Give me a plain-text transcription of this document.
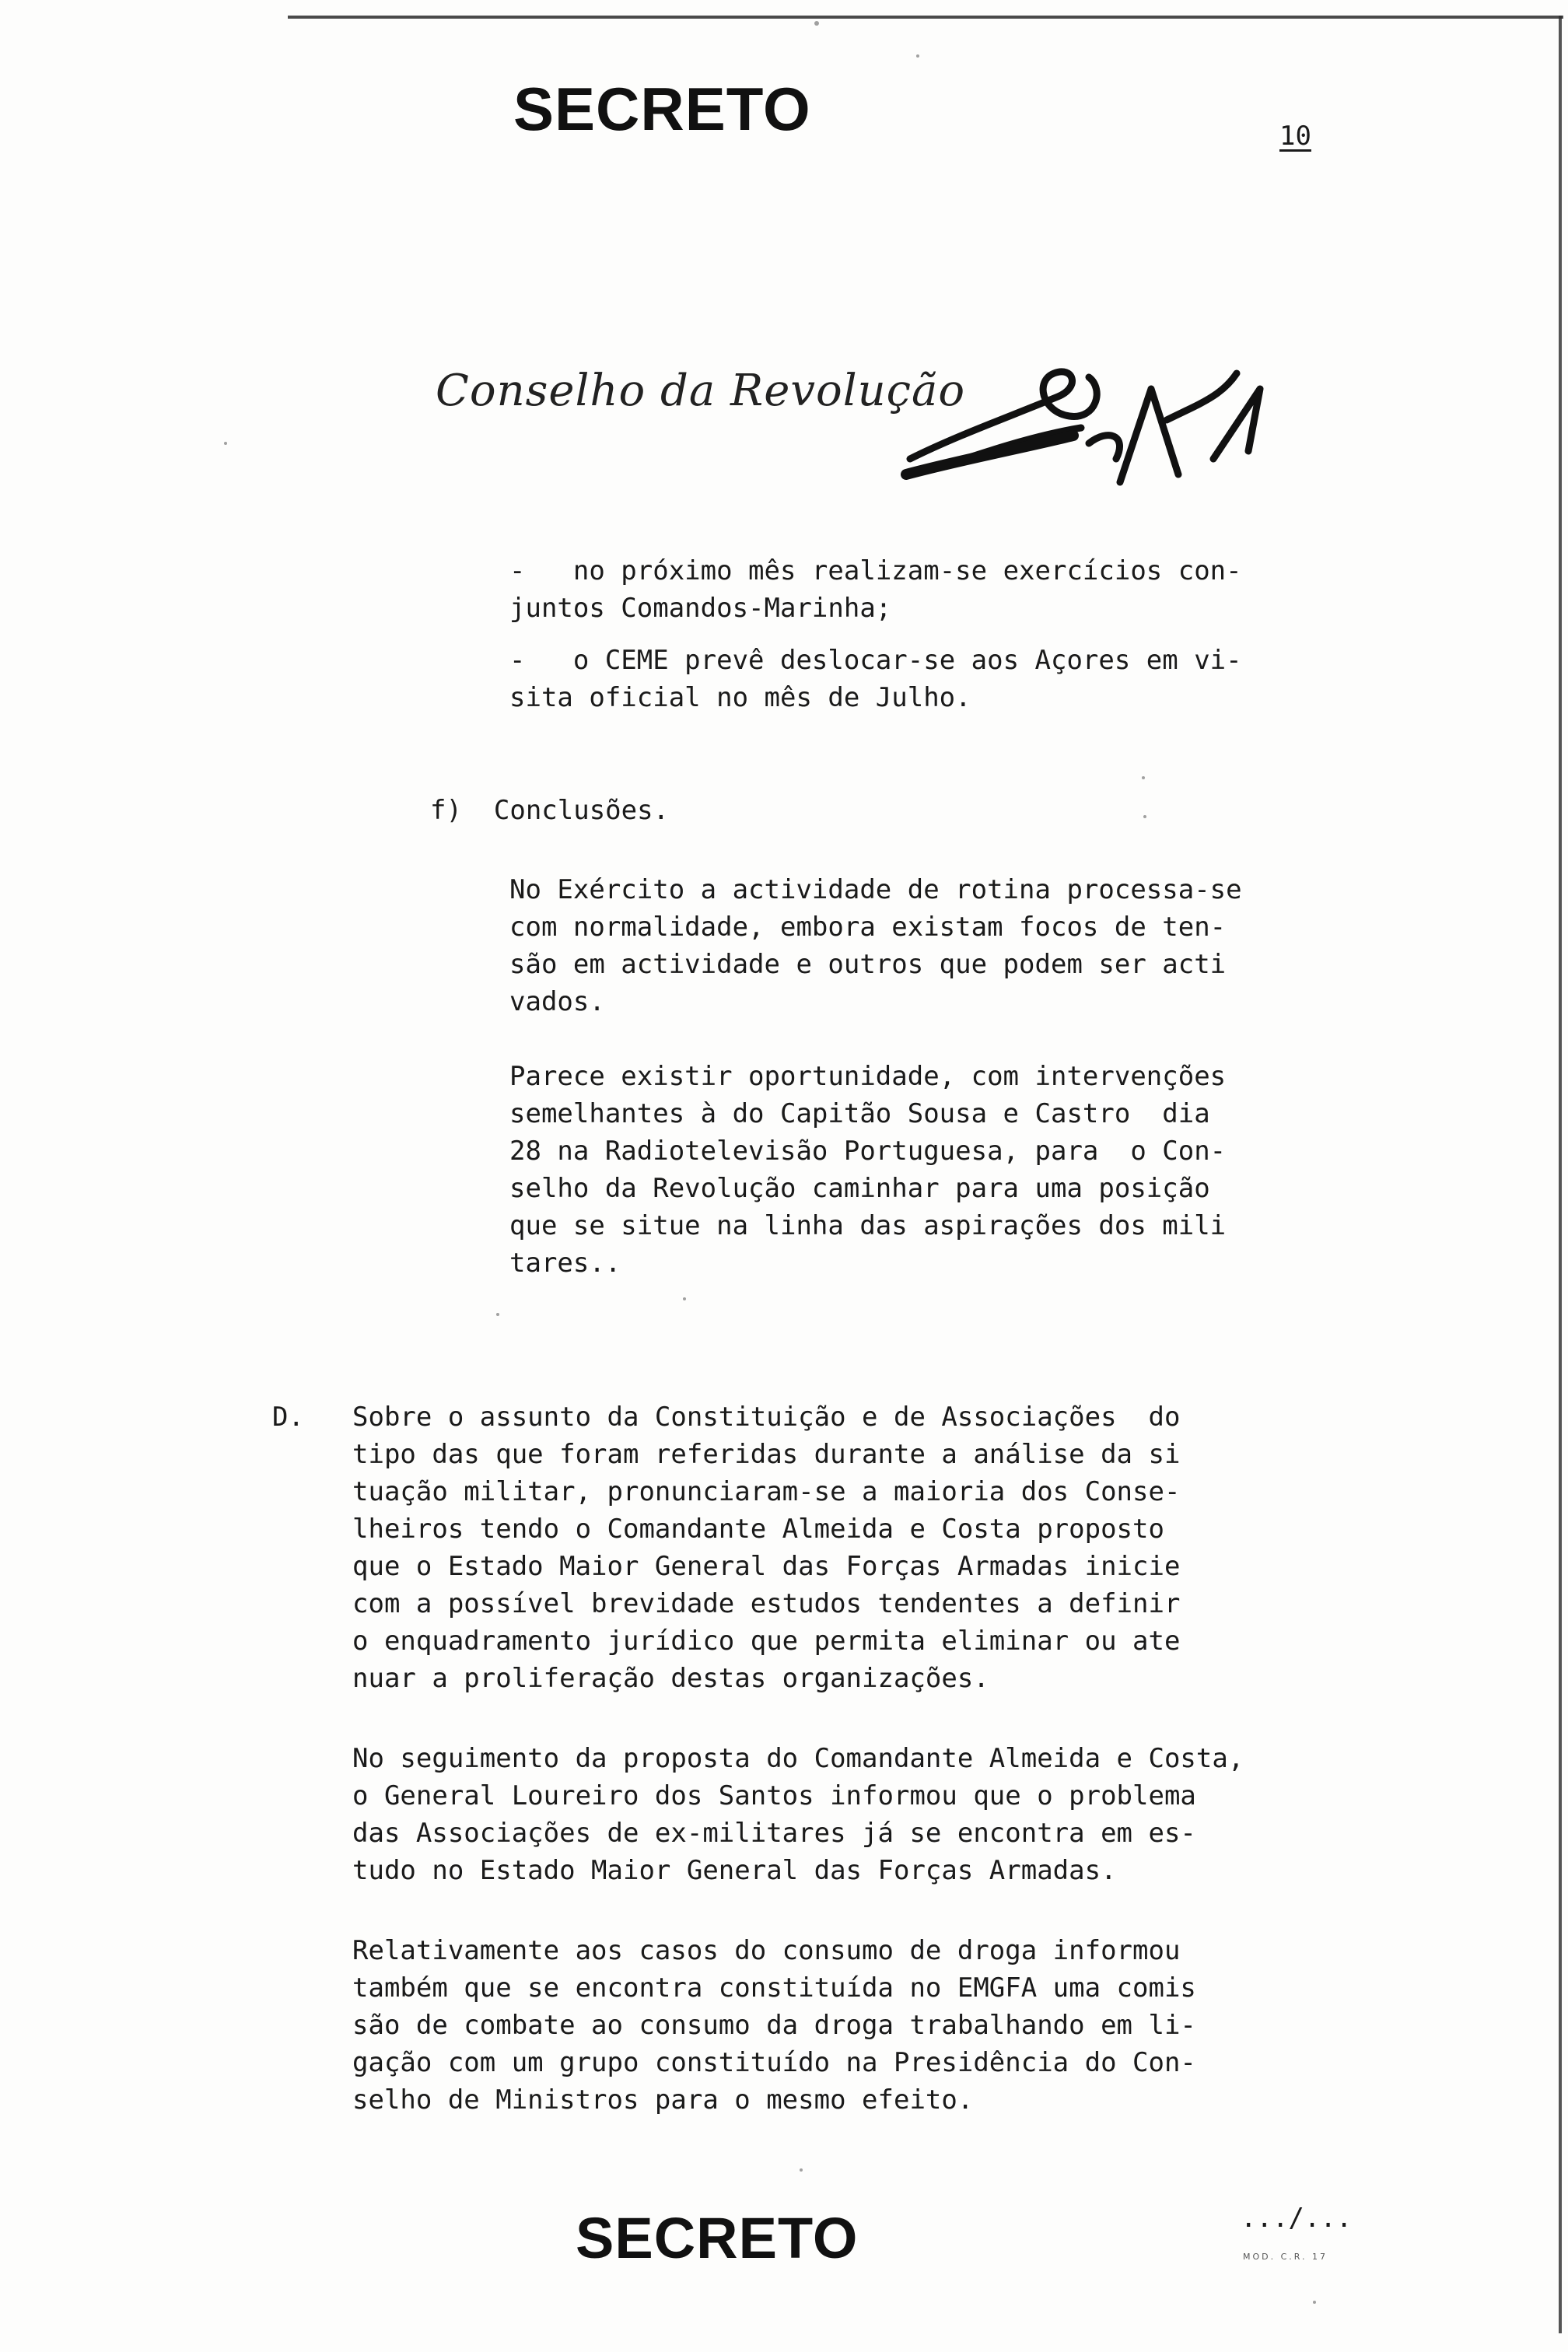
SECRETO	10
Conselho da Revolução
-   no próximo mês realizam-se exercícios con-
juntos Comandos-Marinha;
-   o CEME prevê deslocar-se aos Açores em vi-
sita oficial no mês de Julho.
f)  Conclusões.
No Exército a actividade de rotina processa-se
com normalidade, embora existam focos de ten-
são em actividade e outros que podem ser acti
vados.
Parece existir oportunidade, com intervenções
semelhantes à do Capitão Sousa e Castro  dia
28 na Radiotelevisão Portuguesa, para  o Con-
selho da Revolução caminhar para uma posição
que se situe na linha das aspirações dos mili
tares..
D. Sobre o assunto da Constituição e de Associações  do
tipo das que foram referidas durante a análise da si
tuação militar, pronunciaram-se a maioria dos Conse-
lheiros tendo o Comandante Almeida e Costa proposto
que o Estado Maior General das Forças Armadas inicie
com a possível brevidade estudos tendentes a definir
o enquadramento jurídico que permita eliminar ou ate
nuar a proliferação destas organizações.
No seguimento da proposta do Comandante Almeida e Costa,
o General Loureiro dos Santos informou que o problema
das Associações de ex-militares já se encontra em es-
tudo no Estado Maior General das Forças Armadas.
Relativamente aos casos do consumo de droga informou
também que se encontra constituída no EMGFA uma comis
são de combate ao consumo da droga trabalhando em li-
gação com um grupo constituído na Presidência do Con-
selho de Ministros para o mesmo efeito.
SECRETO	.../...
MOD. C.R. 17
